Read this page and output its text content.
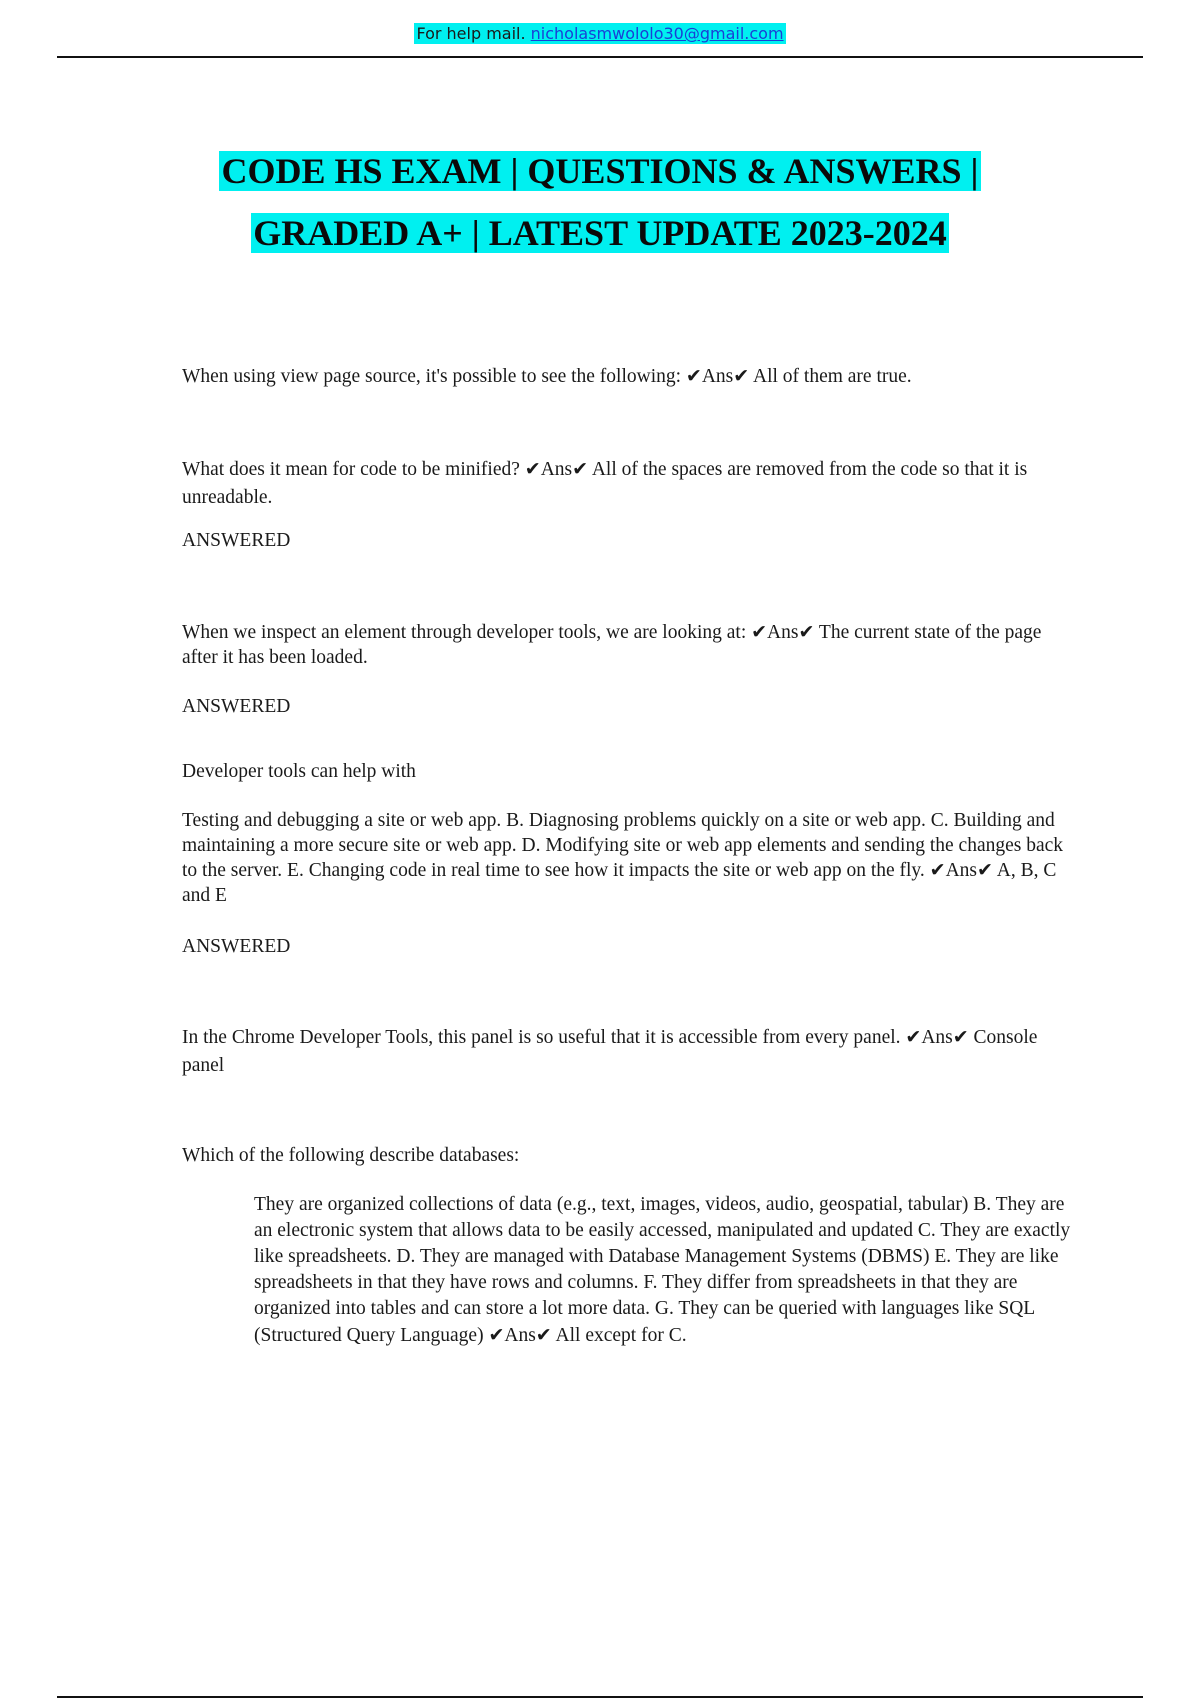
For help mail. nicholasmwololo30@gmail.com
CODE HS EXAM | QUESTIONS & ANSWERS |
GRADED A+ | LATEST UPDATE 2023-2024
When using view page source, it's possible to see the following: ✔Ans✔ All of them are true.
What does it mean for code to be minified? ✔Ans✔ All of the spaces are removed from the code so that it is unreadable.
ANSWERED
When we inspect an element through developer tools, we are looking at: ✔Ans✔ The current state of the page after it has been loaded.
ANSWERED
Developer tools can help with
Testing and debugging a site or web app. B. Diagnosing problems quickly on a site or web app. C. Building and maintaining a more secure site or web app. D. Modifying site or web app elements and sending the changes back to the server. E. Changing code in real time to see how it impacts the site or web app on the fly. ✔Ans✔ A, B, C and E
ANSWERED
In the Chrome Developer Tools, this panel is so useful that it is accessible from every panel. ✔Ans✔ Console panel
Which of the following describe databases:
They are organized collections of data (e.g., text, images, videos, audio, geospatial, tabular) B. They are an electronic system that allows data to be easily accessed, manipulated and updated C. They are exactly like spreadsheets. D. They are managed with Database Management Systems (DBMS) E. They are like spreadsheets in that they have rows and columns. F. They differ from spreadsheets in that they are organized into tables and can store a lot more data. G. They can be queried with languages like SQL (Structured Query Language) ✔Ans✔ All except for C.
